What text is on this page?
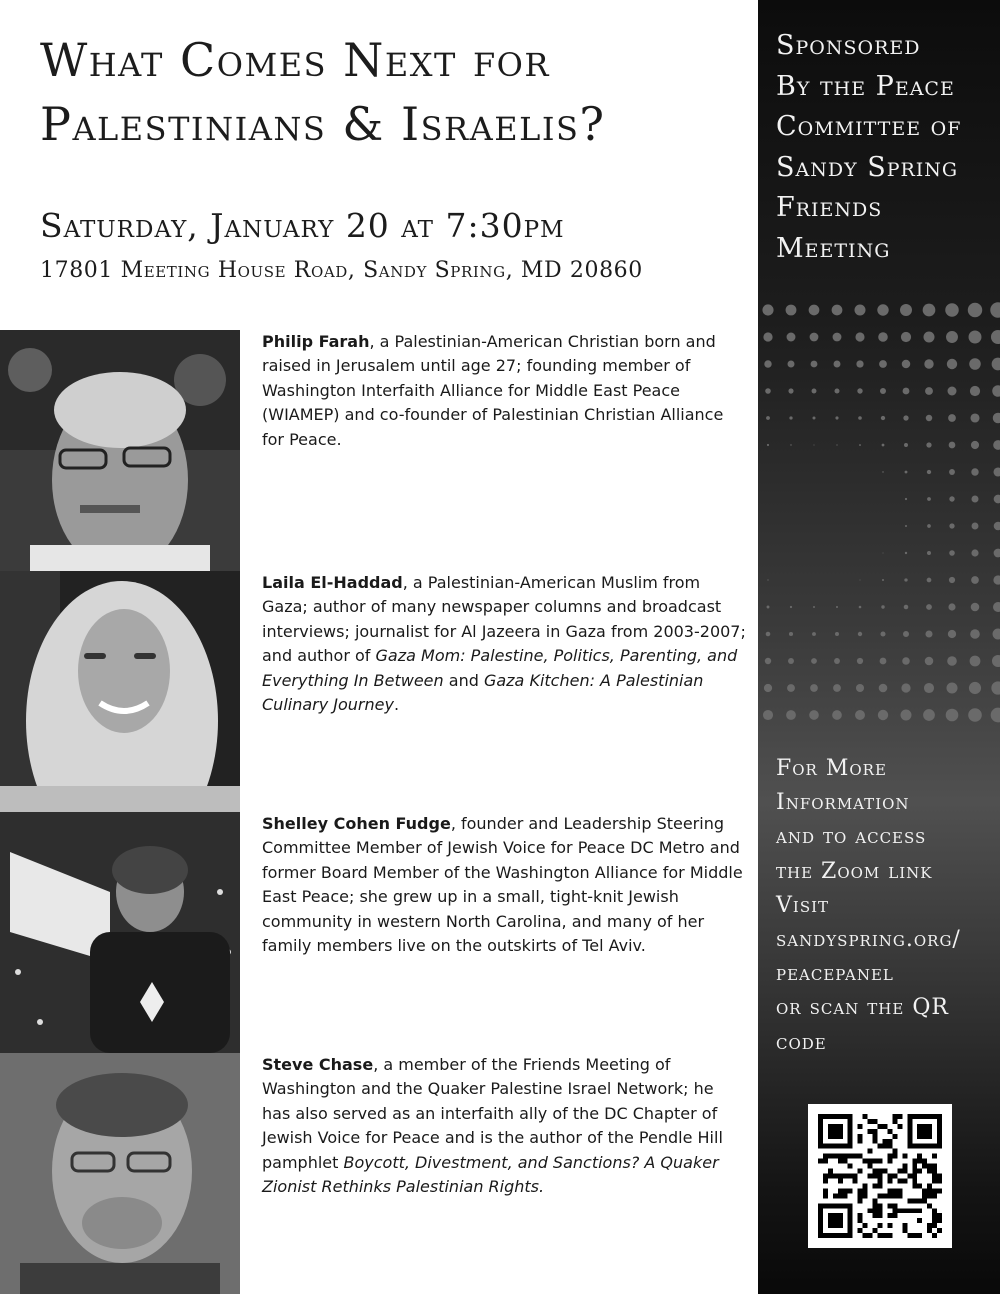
What Comes Next for
Palestinians & Israelis?

Saturday, January 20 at 7:30pm

17801 Meeting House Road, Sandy Spring, MD 20860

Philip Farah, a Palestinian-American Christian born and raised in Jerusalem until age 27; founding member of Washington Interfaith Alliance for Middle East Peace (WIAMEP) and co-founder of Palestinian Christian Alliance for Peace.

Laila El-Haddad, a Palestinian-American Muslim from Gaza; author of many newspaper columns and broadcast interviews; journalist for Al Jazeera in Gaza from 2003-2007; and author of Gaza Mom: Palestine, Politics, Parenting, and Everything In Between and Gaza Kitchen: A Palestinian Culinary Journey.

Shelley Cohen Fudge, founder and Leadership Steering Committee Member of Jewish Voice for Peace DC Metro and former Board Member of the Washington Alliance for Middle East Peace; she grew up in a small, tight-knit Jewish community in western North Carolina, and many of her family members live on the outskirts of Tel Aviv.

Steve Chase, a member of the Friends Meeting of Washington and the Quaker Palestine Israel Network; he has also served as an interfaith ally of the DC Chapter of Jewish Voice for Peace and is the author of the Pendle Hill pamphlet Boycott, Divestment, and Sanctions? A Quaker Zionist Rethinks Palestinian Rights.

Sponsored
By the Peace
Committee of
Sandy Spring
Friends
Meeting

For More
Information
and to access
the Zoom link
Visit
sandyspring.org/
peacepanel
or scan the QR
code
